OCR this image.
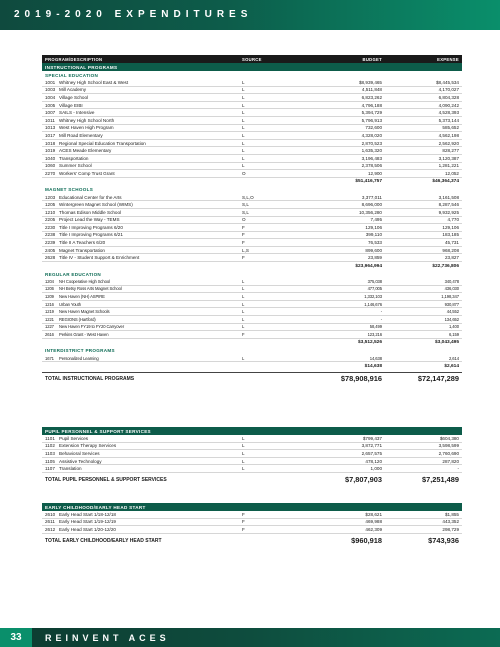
2019-2020 EXPENDITURES
PROGRAM/DESCRIPTION	SOURCE	BUDGET	EXPENSE
INSTRUCTIONAL PROGRAMS
SPECIAL EDUCATION
1001 Whitney High School East & West	L	$8,939,465	$8,445,534
1003 Mill Academy	L	4,511,848	4,170,027
1004 Village School	L	6,823,262	6,804,328
1005 Village EIBI	L	4,796,188	4,090,242
1007 SAILS - Intensive	L	5,394,729	4,528,393
1011 Whitney High School North	L	5,796,913	5,373,144
1013 West Haven High Program	L	732,600	585,652
1017 Mill Road Elementary	L	4,328,020	4,562,198
1018 Regional Special Education Transportation	L	2,870,523	2,562,920
1019 ACES Meade Elementary	L	1,635,320	828,277
1040 Transportation	L	3,196,483	3,120,387
1060 Summer School	L	2,378,506	1,281,221
2270 Workers' Comp Trust Grant	O	12,900	12,052
$51,416,757	$46,364,374
MAGNET SCHOOLS
1203 Educational Center for the Arts	S,L,O	3,377,011	3,161,508
1205 Wintergreen Magnet School (WIMS)	S,L	8,696,000	8,287,546
1210 Thomas Edison Middle School	S,L	10,356,280	9,932,925
2205 Project Lead the Way - TEMS	O	7,495	4,770
2230 Title I Improving Programs 6/20	F	129,106	129,106
2238 Title I Improving Programs 6/21	F	399,110	183,185
2239 Title II A Teachers 6/20	F	76,533	45,731
2405 Magnet Transportation	L,S	899,600	968,208
2628 Title IV - Student Support & Enrichment	F	23,859	23,827
$23,964,994	$22,736,806
REGULAR EDUCATION
1204	NH Cooperative High School	L	375,038	340,478
1206	NH Betsy Ross Arts Magnet School	L	477,005	436,030
1209	New Haven (NH) ASPIRE	L	1,332,103	1,198,347
1216	Urban Youth	L	1,146,676	930,877
1219	New Haven Magnet Schools	L	-	44,552
1221	REGIONS (Hartford)	L	-	134,652
1227	New Haven FY19 to FY20 Carryover	L	58,499	1,400
2616	Perkins Grant - West Haven	F	123,216	6,159
$3,512,526	$3,043,495
INTERDISTRICT PROGRAMS
1671	Personalized Learning	L	14,638	2,614
$14,638	$2,614
TOTAL INSTRUCTIONAL PROGRAMS	$78,908,916	$72,147,289
PUPIL PERSONNEL & SUPPORT SERVICES
1101 Pupil Services	L	$799,437	$604,380
1102 Extension Therapy Services	L	3,872,771	3,598,599
1103 Behavioral Services	L	2,657,575	2,760,690
1105 Assistive Technology	L	478,120	287,820
1107 Translation	L	1,000	-
TOTAL PUPIL PERSONNEL & SUPPORT SERVICES	$7,807,903	$7,251,489
EARLY CHILDHOOD/EARLY HEAD START
2610 Early Head Start 1/18-12/18	F	$28,621	$1,855
2611 Early Head Start 1/19-12/19	F	469,988	443,352
2612 Early Head Start 1/20-12/20	F	462,309	298,729
TOTAL EARLY CHILDHOOD/EARLY HEAD START	$960,918	$743,936
33	REINVENT ACES
